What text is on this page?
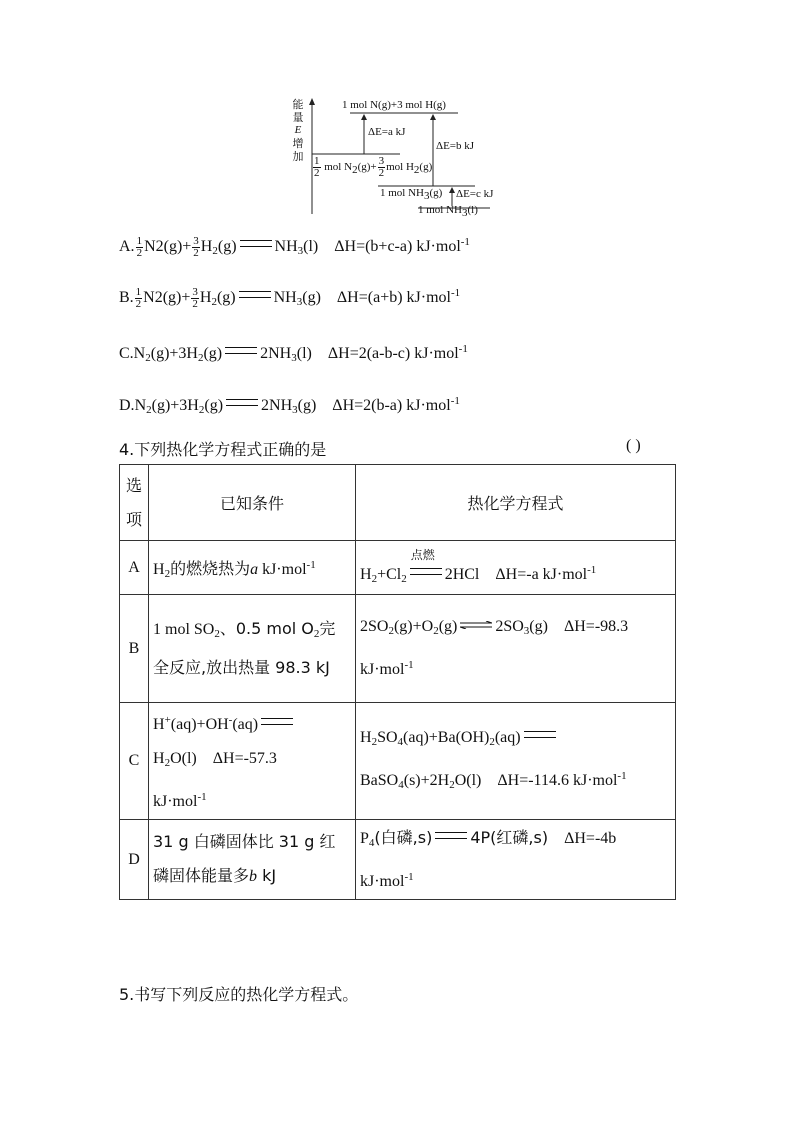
能
量
E
增
加
1 mol N(g)+3 mol H(g)
ΔE=a kJ
ΔE=b kJ
$\frac{1}{2}$ mol $N_2(g)+ \frac{3}{2}$ mol $H_2(g)$
1 mol $NH_3(g)$ ΔE=c kJ
1 mol $NH_3(l)$
A. $\frac{1}{2} N2(g)+ \frac{3}{2} H_2(g)$ $NH_3(l)$    ΔH=(b+c-a) kJ·mol$^{-1}$
B. $\frac{1}{2} N2(g)+ \frac{3}{2} H_2(g)$ $NH_3(g)$    ΔH=(a+b) kJ·mol$^{-1}$
$C.N_2(g)+3H_2(g)$ $2NH_3(l)$    ΔH=2(a-b-c) kJ·mol$^{-1}$
$D.N_2(g)+3H_2(g)$ $2NH_3(g)$    ΔH=2(b-a) kJ·mol$^{-1}$
4.下列热化学方程式正确的是	( )
选项	已知条件	热化学方程式
A	$H_2$的燃烧热为a kJ·mol$^{-1}$	$H_2+Cl_2$
点燃
2HCl ΔH=-a kJ·mol$^{-1}$
B	1 mol $SO_2$、0.5 mol $O_2$完
全反应,放出热量 98.3 kJ	$2SO_2(g)+O_2(g)$ ⇌ $2SO_3(g)$ ΔH=-98.3
kJ·mol$^{-1}$
C	H+(aq)+OH-(aq)
$H_2O(l)$ ΔH=-57.3
kJ·mol$^{-1}$	$H_2SO_4(aq)+Ba(OH)_2(aq)$
$BaSO_4(s)+2H_2O(l)$ ΔH=-114.6 kJ·mol$^{-1}$
D	31 g 白磷固体比 31 g 红
磷固体能量多b kJ	$P_4$(白磷,s) 4P(红磷,s) ΔH=-4b
kJ·mol$^{-1}$
5.书写下列反应的热化学方程式。
